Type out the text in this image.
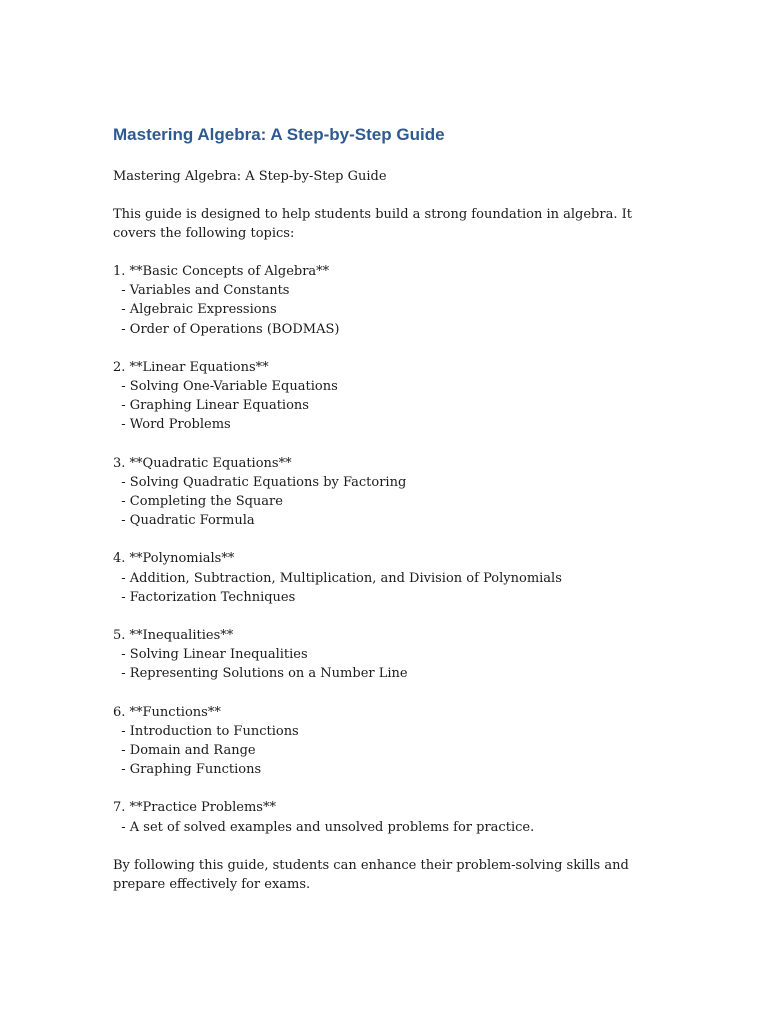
Mastering Algebra: A Step-by-Step Guide

Mastering Algebra: A Step-by-Step Guide

This guide is designed to help students build a strong foundation in algebra. It covers the following topics:

1. **Basic Concepts of Algebra**
- Variables and Constants
- Algebraic Expressions
- Order of Operations (BODMAS)
2. **Linear Equations**
- Solving One-Variable Equations
- Graphing Linear Equations
- Word Problems
3. **Quadratic Equations**
- Solving Quadratic Equations by Factoring
- Completing the Square
- Quadratic Formula
4. **Polynomials**
- Addition, Subtraction, Multiplication, and Division of Polynomials
- Factorization Techniques
5. **Inequalities**
- Solving Linear Inequalities
- Representing Solutions on a Number Line
6. **Functions**
- Introduction to Functions
- Domain and Range
- Graphing Functions
7. **Practice Problems**
- A set of solved examples and unsolved problems for practice.

By following this guide, students can enhance their problem-solving skills and prepare effectively for exams.
